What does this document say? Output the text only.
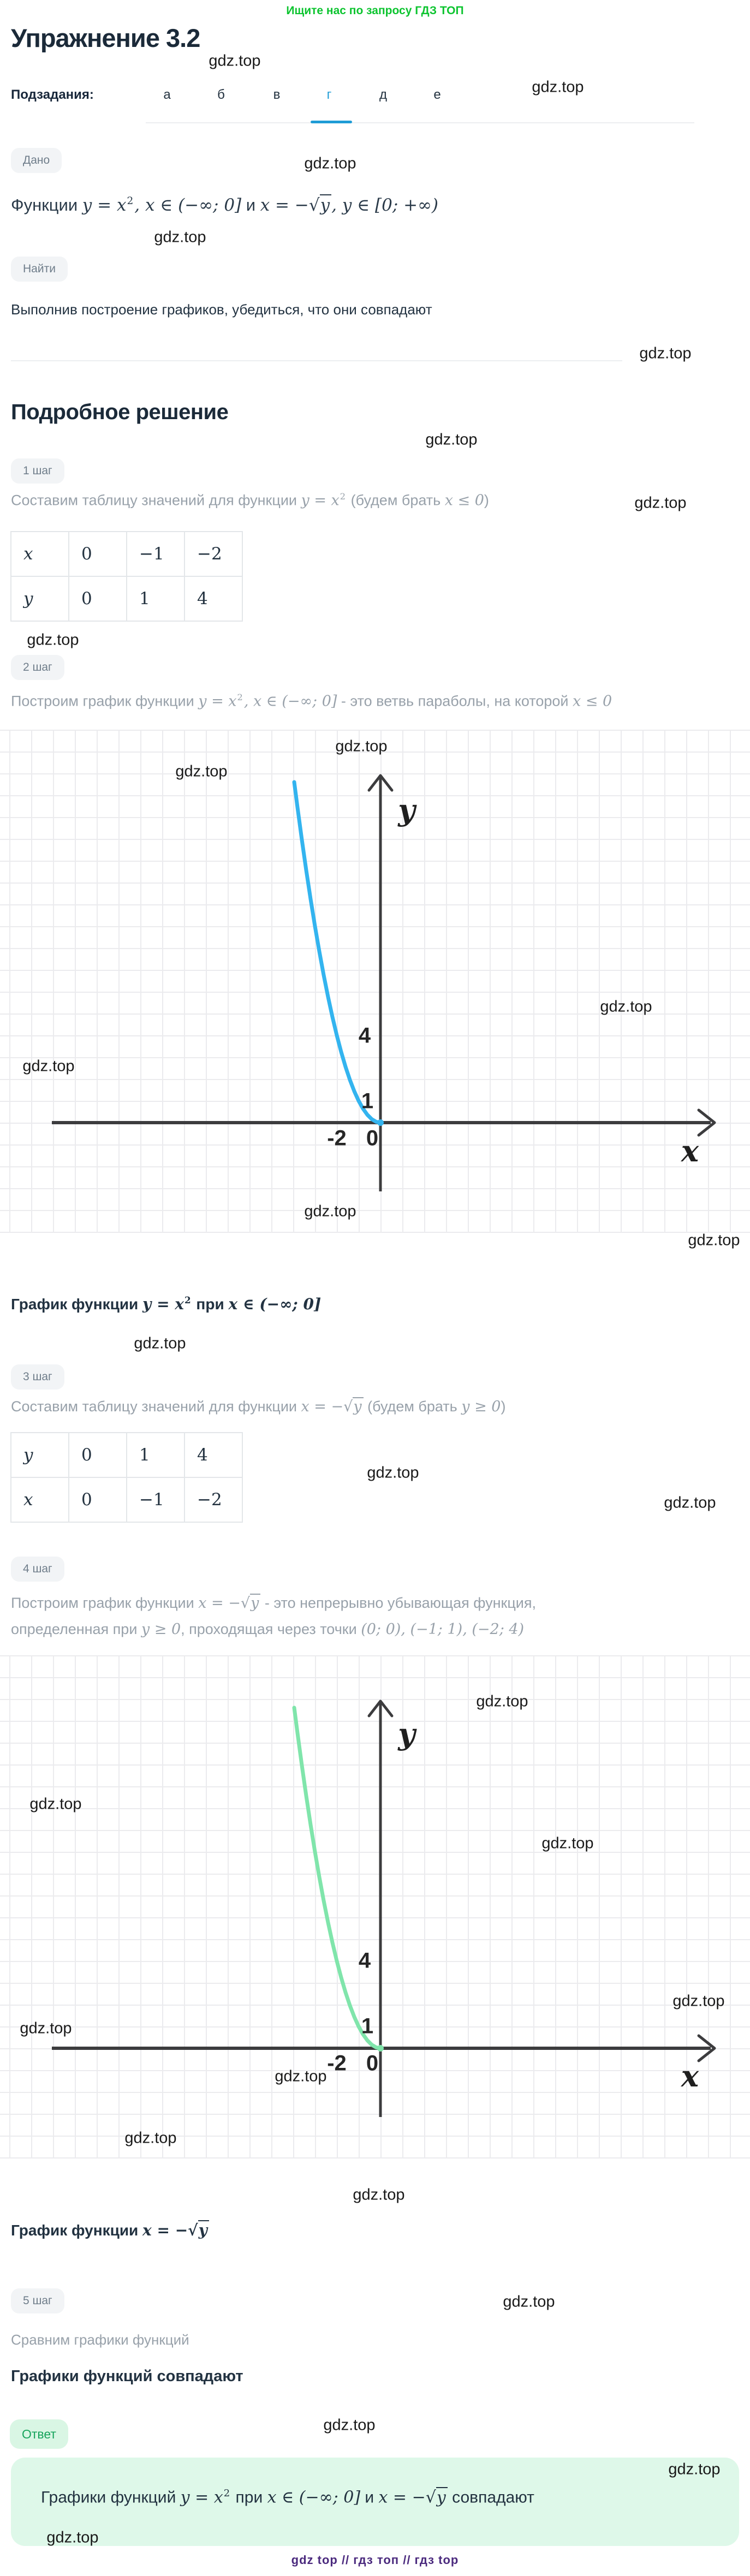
Ищите нас по запросу ГДЗ ТОП
Упражнение 3.2
Подзадания:	а	б	в	г	д	е
Дано
Функции $y = x^2$, x ∈ (−∞; 0] и x = −√y, y ∈ [0; +∞)
Найти
Выполнив построение графиков, убедиться, что они совпадают
Подробное решение
1 шаг
Составим таблицу значений для функции $y = x^2$ (будем брать x ≤ 0)
x	0	−1	−2
y	0	1	4
2 шаг
Построим график функции $y = x^2$, x ∈ (−∞; 0] - это ветвь параболы, на которой x ≤ 0
y
x
4
1
-2 0
График функции $y = x^2$ при x ∈ (−∞; 0]
3 шаг
Составим таблицу значений для функции x = −√y (будем брать y ≥ 0)
y	0	1	4
x	0	−1	−2
4 шаг
Построим график функции x = −√y - это непрерывно убывающая функция,
определенная при y ≥ 0, проходящая через точки (0; 0), (−1; 1), (−2; 4)
y
x
4
1
-2 0
График функции x = −√y
5 шаг
Сравним графики функций
Графики функций совпадают
Ответ
Графики функций $y = x^2$ при x ∈ (−∞; 0] и x = −√y совпадают
gdz top // гдз топ // гдз top
gdz.top
gdz.top
gdz.top
gdz.top
gdz.top
gdz.top
gdz.top
gdz.top
gdz.top
gdz.top
gdz.top
gdz.top
gdz.top
gdz.top
gdz.top
gdz.top
gdz.top
gdz.top
gdz.top
gdz.top
gdz.top
gdz.top
gdz.top
gdz.top
gdz.top
gdz.top
gdz.top
gdz.top
gdz.top
